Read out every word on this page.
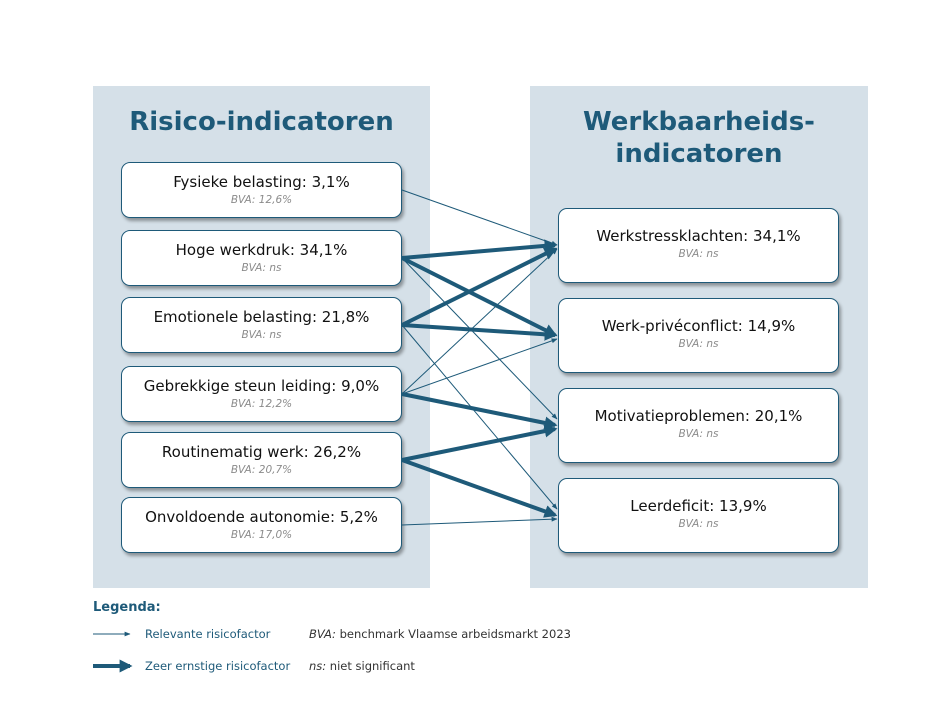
Risico-indicatoren	Werkbaarheids-
indicatoren
Fysieke belasting: 3,1%
BVA: 12,6%
Hoge werkdruk: 34,1%
BVA: ns
Emotionele belasting: 21,8%
BVA: ns
Gebrekkige steun leiding: 9,0%
BVA: 12,2%
Routinematig werk: 26,2%
BVA: 20,7%
Onvoldoende autonomie: 5,2%
BVA: 17,0%
Werkstressklachten: 34,1%
BVA: ns
Werk-privéconflict: 14,9%
BVA: ns
Motivatieproblemen: 20,1%
BVA: ns
Leerdeficit: 13,9%
BVA: ns
Legenda:
Relevante risicofactor	BVA: benchmark Vlaamse arbeidsmarkt 2023
Zeer ernstige risicofactor ns: niet significant
